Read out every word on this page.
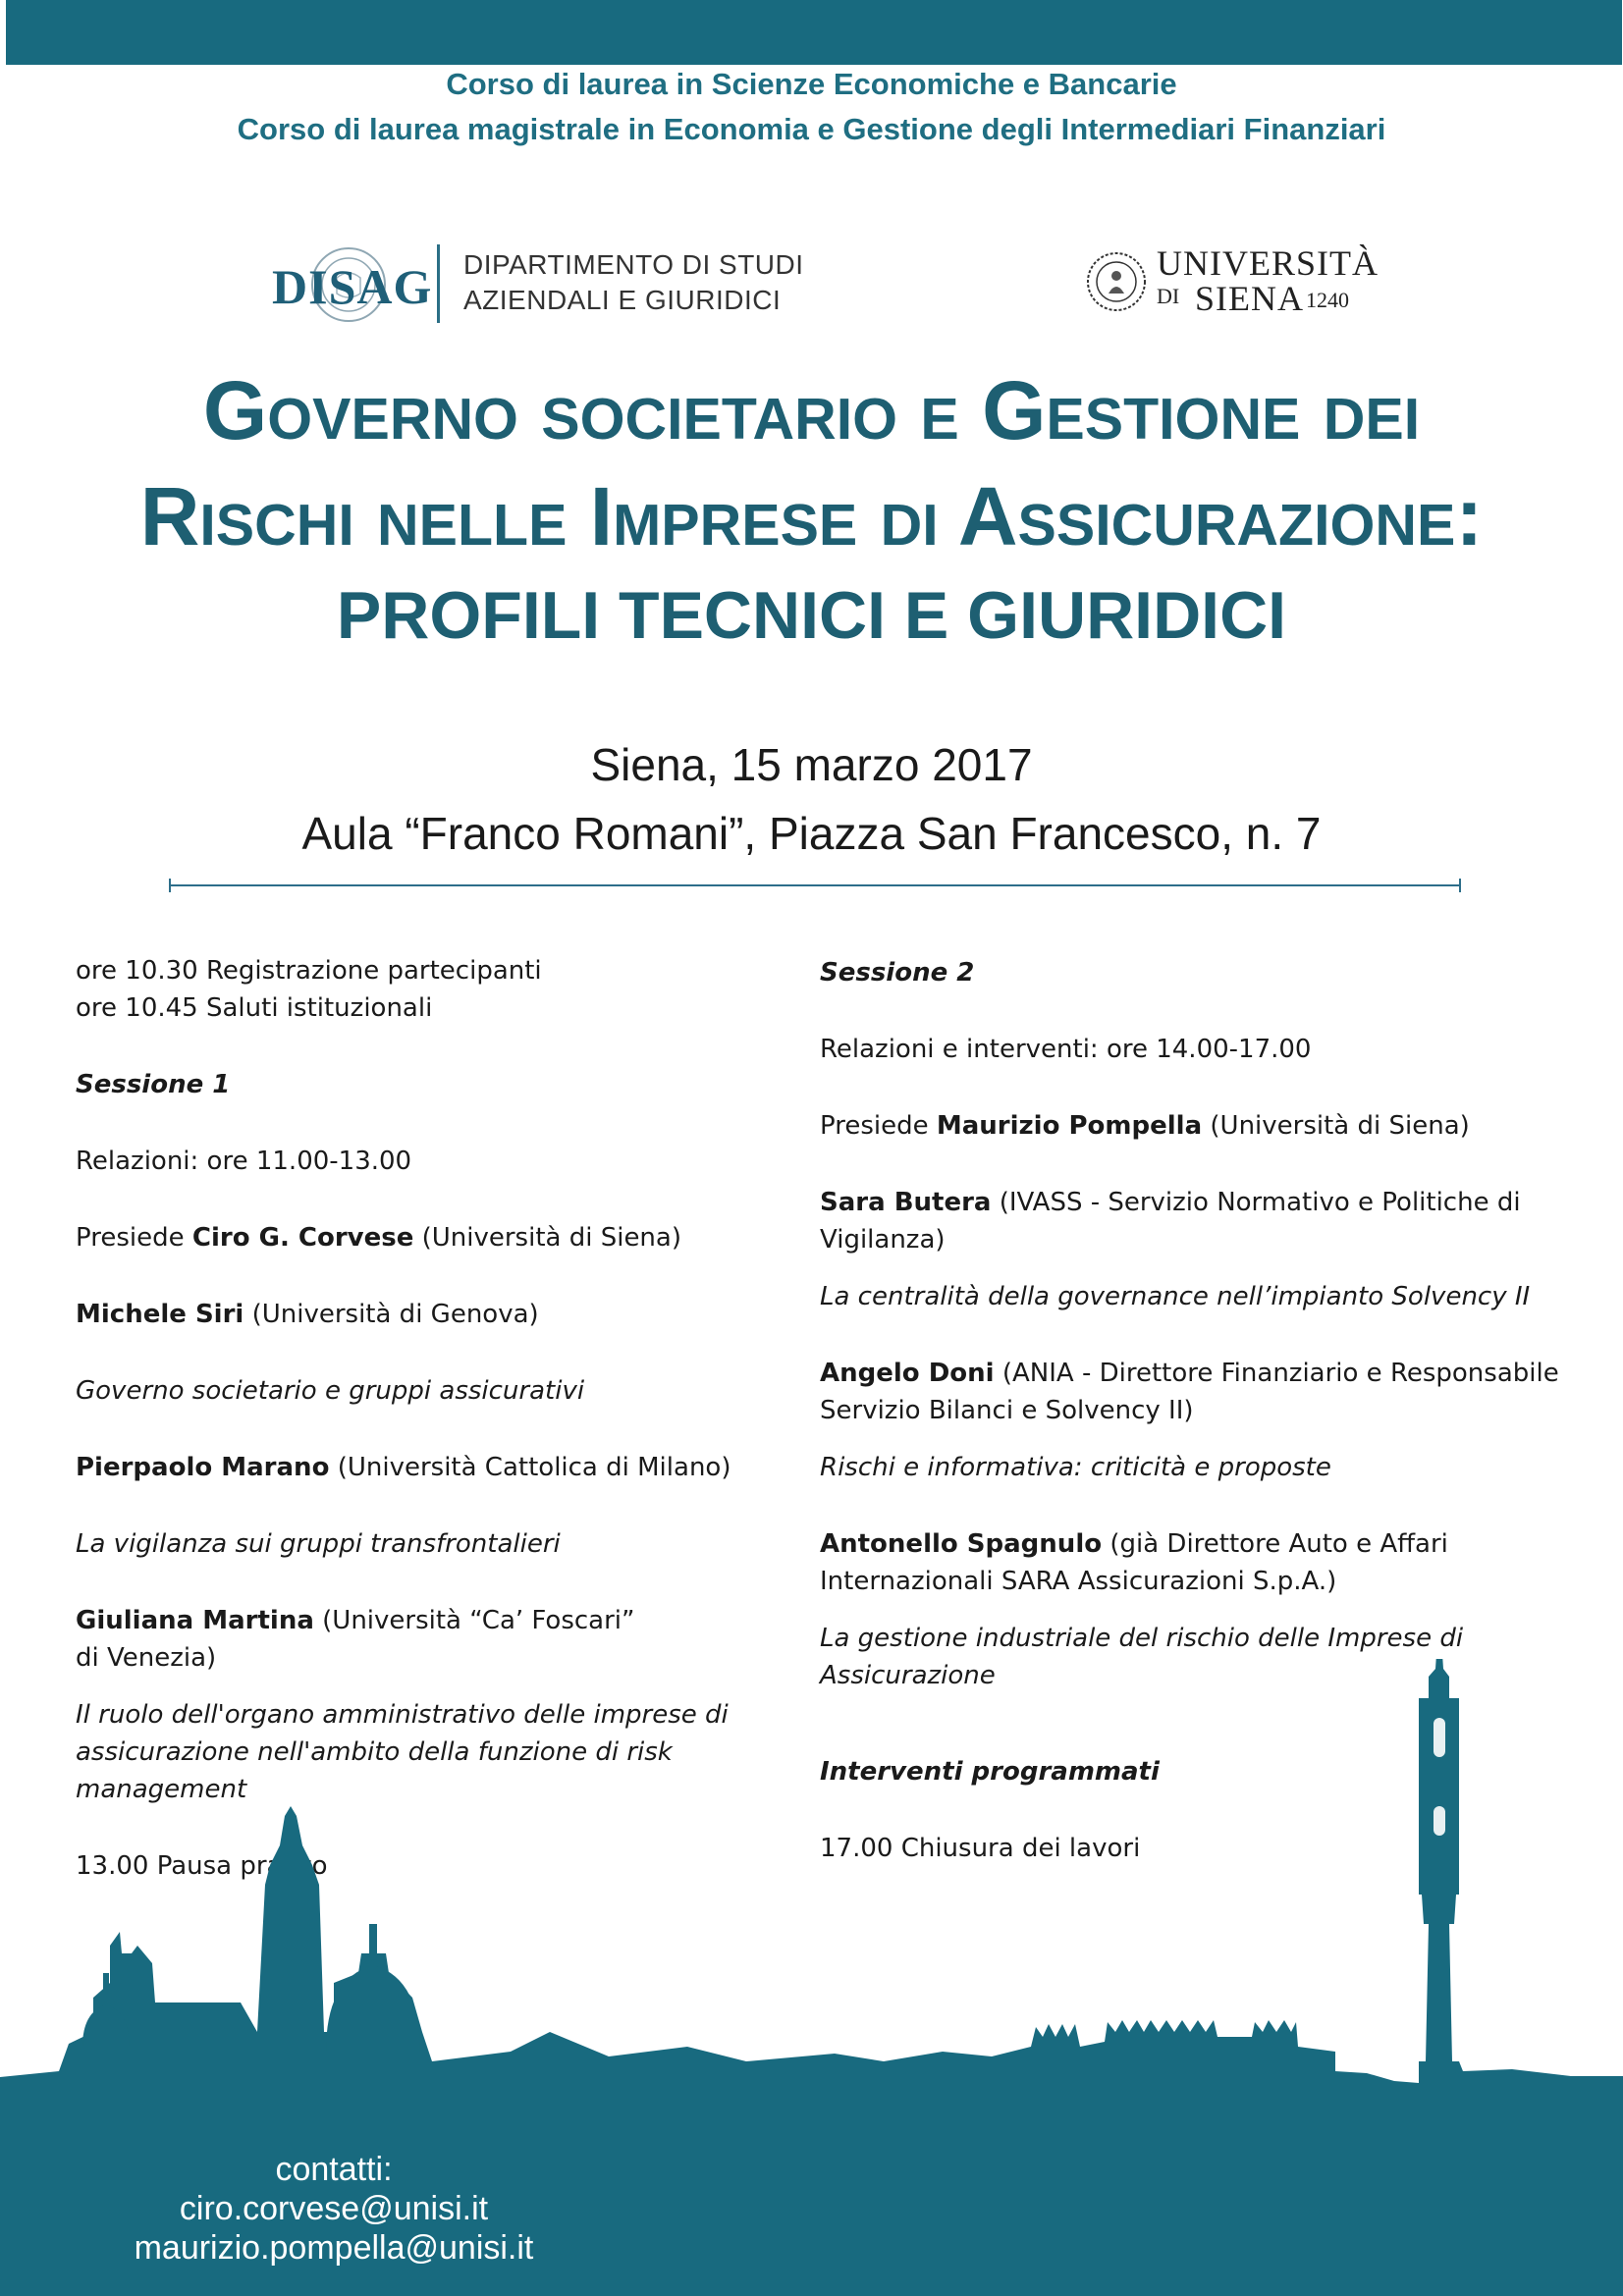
Corso di laurea in Scienze Economiche e Bancarie
Corso di laurea magistrale in Economia e Gestione degli Intermediari Finanziari
DISAG DIPARTIMENTO DI STUDI
AZIENDALI E GIURIDICI
UNIVERSITÀ
DI SIENA 1240
Governo societario e Gestione dei
Rischi nelle Imprese di Assicurazione:
PROFILI TECNICI E GIURIDICI
Siena, 15 marzo 2017
Aula “Franco Romani”, Piazza San Francesco, n. 7

ore 10.30 Registrazione partecipanti

ore 10.45 Saluti istituzionali

Sessione 1

Relazioni: ore 11.00-13.00

Presiede Ciro G. Corvese (Università di Siena)

Michele Siri (Università di Genova)

Governo societario e gruppi assicurativi

Pierpaolo Marano (Università Cattolica di Milano)

La vigilanza sui gruppi transfrontalieri

Giuliana Martina (Università “Ca’ Foscari”

di Venezia)

Il ruolo dell'organo amministrativo delle imprese di assicurazione nell'ambito della funzione di risk management

13.00 Pausa pranzo

Sessione 2

Relazioni e interventi: ore 14.00-17.00

Presiede Maurizio Pompella (Università di Siena)

Sara Butera (IVASS - Servizio Normativo e Politiche di Vigilanza)

La centralità della governance nell’impianto Solvency II

Angelo Doni (ANIA - Direttore Finanziario e Responsabile Servizio Bilanci e Solvency II)

Rischi e informativa: criticità e proposte

Antonello Spagnulo (già Direttore Auto e Affari Internazionali SARA Assicurazioni S.p.A.)

La gestione industriale del rischio delle Imprese di Assicurazione

Interventi programmati

17.00 Chiusura dei lavori

contatti:
ciro.corvese@unisi.it
maurizio.pompella@unisi.it
